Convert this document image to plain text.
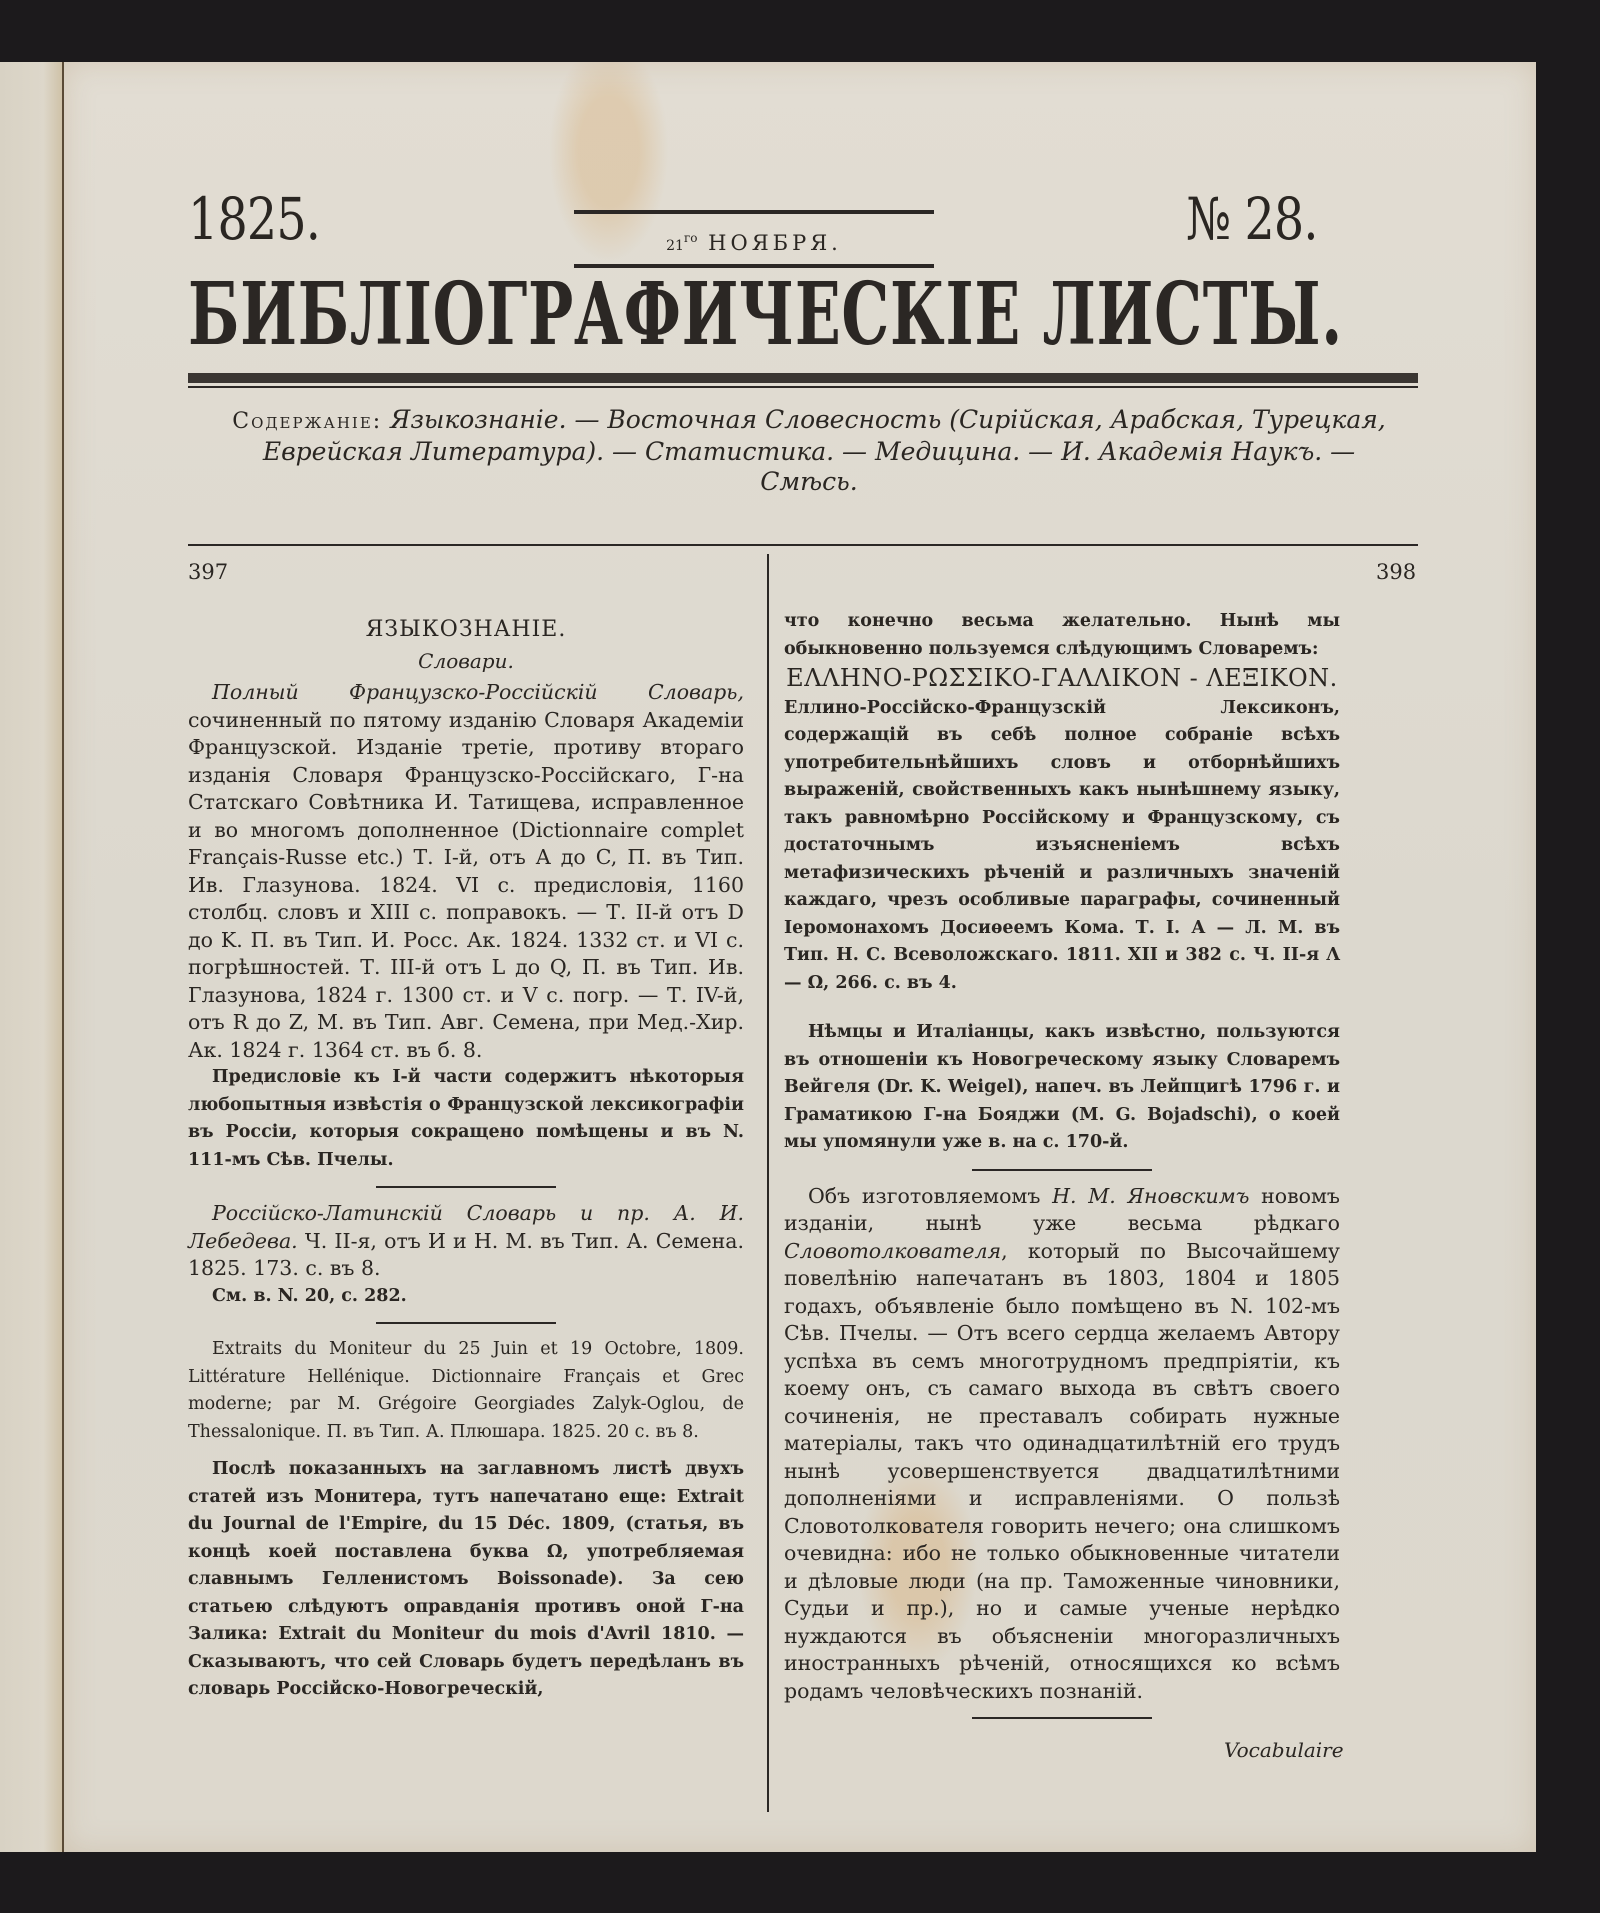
1825.	$21^{го}$ НОЯБРЯ.	№ 28.
БИБЛIОГРАФИЧЕСКIЕ ЛИСТЫ.
Содержанiе: Языкознанiе. — Восточная Словесность (Сирiйская, Арабская, Турецкая, Еврейская Литература). — Статистика. — Медицина. — И. Академiя Наукъ. — Смѣсь.
397	398

ЯЗЫКОЗНАНIЕ.

Словари.

Полный Французско-Россiйскiй Словарь, сочиненный по пятому изданiю Словаря Академiи Французской. Изданiе третiе, противу втораго изданiя Словаря Французско-Россiйскаго, Г-на Статскаго Совѣтника И. Татищева, исправленное и во многомъ дополненное (Dictionnaire complet Français-Russe etc.) Т. I-й, отъ A до C, П. въ Тип. Ив. Глазунова. 1824. VI с. предисловiя, 1160 столбц. словъ и XIII с. поправокъ. — Т. II-й отъ D до K. П. въ Тип. И. Росс. Ак. 1824. 1332 ст. и VI с. погрѣшностей. Т. III-й отъ L до Q, П. въ Тип. Ив. Глазунова, 1824 г. 1300 ст. и V с. погр. — Т. IV-й, отъ R до Z, М. въ Тип. Авг. Семена, при Мед.-Хир. Ак. 1824 г. 1364 ст. въ б. 8.

Предисловiе къ I-й части содержитъ нѣкоторыя любопытныя извѣстiя о Французской лексикографiи въ Россiи, которыя сокращено помѣщены и въ N. 111-мъ Сѣв. Пчелы.

Россiйско-Латинскiй Словарь и пр. А. И. Лебедева. Ч. II-я, отъ И и Н. М. въ Тип. А. Семена. 1825. 173. с. въ 8.

См. в. N. 20, с. 282.

Extraits du Moniteur du 25 Juin et 19 Octobre, 1809. Littérature Hellénique. Dictionnaire Français et Grec moderne; par M. Grégoire Georgiades Zalyk-Oglou, de Thessalonique. П. въ Тип. А. Плюшара. 1825. 20 с. въ 8.

Послѣ показанныхъ на заглавномъ листѣ двухъ статей изъ Монитера, тутъ напечатано еще: Extrait du Journal de l'Empire, du 15 Déc. 1809, (статья, въ концѣ коей поставлена буква Ω, употребляемая славнымъ Гелленистомъ Boissonade). За сею статьею слѣдуютъ оправданiя противъ оной Г-на Залика: Extrait du Moniteur du mois d'Avril 1810. — Сказываютъ, что сей Словарь будетъ передѣланъ въ словарь Россiйско-Новогреческiй,

что конечно весьма желательно. Нынѣ мы обыкновенно пользуемся слѣдующимъ Словаремъ:

ΕΛΛΗΝΟ-ΡΩΣΣΙΚΟ-ΓΑΛΛΙΚΟΝ - ΛΕΞΙΚΟΝ.

Еллино-Россiйско-Французскiй Лексиконъ, содержащiй въ себѣ полное собранiе всѣхъ употребительнѣйшихъ словъ и отборнѣйшихъ выраженiй, свойственныхъ какъ нынѣшнему языку, такъ равномѣрно Россiйскому и Французскому, съ достаточнымъ изъясненiемъ всѣхъ метафизическихъ рѣченiй и различныхъ значенiй каждаго, чрезъ особливые параграфы, сочиненный Iеромонахомъ Досиѳеемъ Кома. Т. I. А — Л. М. въ Тип. Н. С. Всеволожскаго. 1811. XII и 382 с. Ч. II-я Λ — Ω, 266. с. въ 4.

Нѣмцы и Италiанцы, какъ извѣстно, пользуются въ отношенiи къ Новогреческому языку Словаремъ Вейгеля (Dr. K. Weigel), напеч. въ Лейпцигѣ 1796 г. и Граматикою Г-на Бояджи (M. G. Bojadschi), о коей мы упомянули уже в. на с. 170-й.

Объ изготовляемомъ Н. М. Яновскимъ новомъ изданiи, нынѣ уже весьма рѣдкаго Словотолкователя, который по Высочайшему повелѣнiю напечатанъ въ 1803, 1804 и 1805 годахъ, объявленiе было помѣщено въ N. 102-мъ Сѣв. Пчелы. — Отъ всего сердца желаемъ Автору успѣха въ семъ многотрудномъ предпрiятiи, къ коему онъ, съ самаго выхода въ свѣтъ своего сочиненiя, не преставалъ собирать нужные матерiалы, такъ что одинадцатилѣтнiй его трудъ нынѣ усовершенствуется двадцатилѣтними дополненiями и исправленiями. О пользѣ Словотолкователя говорить нечего; она слишкомъ очевидна: ибо не только обыкновенные читатели и дѣловые люди (на пр. Таможенные чиновники, Судьи и пр.), но и самые ученые нерѣдко нуждаются въ объясненiи многоразличныхъ иностранныхъ рѣченiй, относящихся ко всѣмъ родамъ человѣческихъ познанiй.

Vocabulaire
